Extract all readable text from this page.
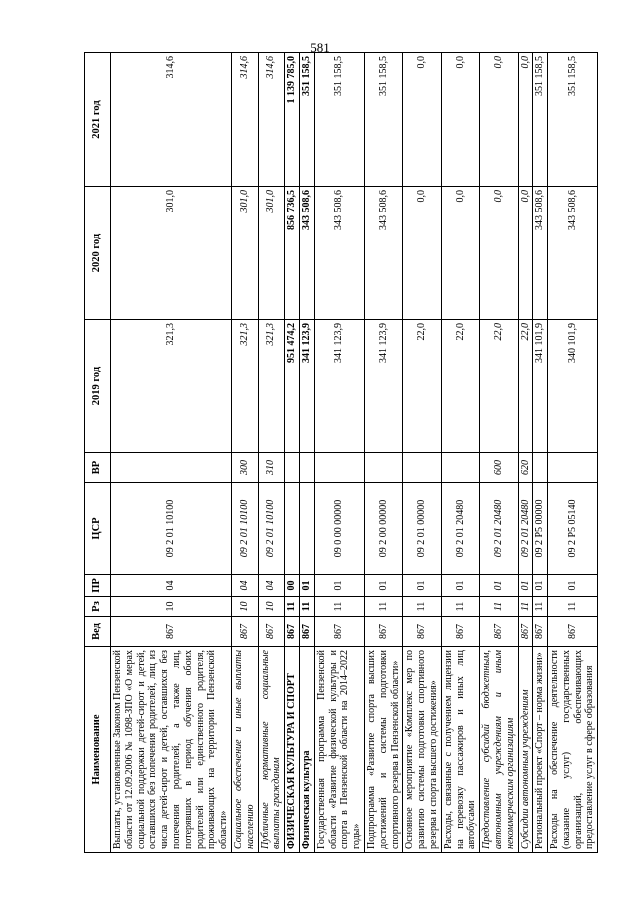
581
Наименование	Вед	Рз	ПР	ЦСР	ВР	2019 год	2020 год	2021 год
Выплаты, установленные Законом Пензенской области от 12.09.2006 № 1098-ЗПО «О мерах социальной поддержки детей-сирот и детей, оставшихся без попечения родителей, лиц из числа детей-сирот и детей, оставшихся без попечения родителей, а также лиц, потерявших в период обучения обоих родителей или единственного родителя, проживающих на территории Пензенской области»	867	10	04	09 2 01 10100		321,3	301,0	314,6
Социальное обеспечение и иные выплаты населению	867	10	04	09 2 01 10100	300	321,3	301,0	314,6
Публичные нормативные социальные выплаты гражданам	867	10	04	09 2 01 10100	310	321,3	301,0	314,6
ФИЗИЧЕСКАЯ КУЛЬТУРА И СПОРТ	867	11	00			951 474,2	856 736,5	1 139 785,0
Физическая культура	867	11	01			341 123,9	343 508,6	351 158,5
Государственная программа Пензенской области «Развитие физической культуры и спорта в Пензенской области на 2014–2022 годы»	867	11	01	09 0 00 00000		341 123,9	343 508,6	351 158,5
Подпрограмма «Развитие спорта высших достижений и системы подготовки спортивного резерва в Пензенской области»	867	11	01	09 2 00 00000		341 123,9	343 508,6	351 158,5
Основное мероприятие «Комплекс мер по развитию системы подготовки спортивного резерва и спорта высшего достижения»	867	11	01	09 2 01 00000		22,0	0,0	0,0
Расходы, связанные с получением лицензии на перевозку пассажиров и иных лиц автобусами	867	11	01	09 2 01 20480		22,0	0,0	0,0
Предоставление субсидий бюджетным, автономным учреждениям и иным некоммерческим организациям	867	11	01	09 2 01 20480	600	22,0	0,0	0,0
Субсидии автономным учреждениям	867	11	01	09 2 01 20480	620	22,0	0,0	0,0
Региональный проект «Спорт – норма жизни»	867	11	01	09 2 P5 00000		341 101,9	343 508,6	351 158,5
Расходы на обеспечение деятельности (оказание услуг) государственных организаций, обеспечивающих предоставление услуг в сфере образования	867	11	01	09 2 P5 05140		340 101,9	343 508,6	351 158,5
